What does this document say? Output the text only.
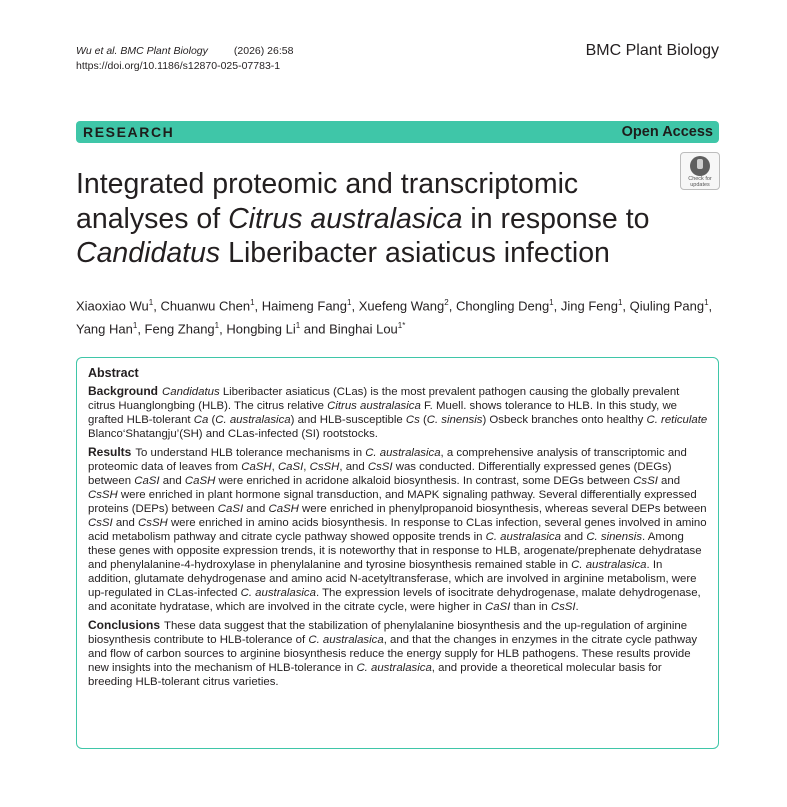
Wu et al. BMC Plant Biology (2026) 26:58
https://doi.org/10.1186/s12870-025-07783-1
BMC Plant Biology
RESEARCH	Open Access
Integrated proteomic and transcriptomic analyses of Citrus australasica in response to Candidatus Liberibacter asiaticus infection
Check for updates
Xiaoxiao Wu$^1$, Chuanwu Chen$^1$, Haimeng Fang$^1$, Xuefeng Wang$^2$, Chongling Deng$^1$, Jing Feng$^1$, Qiuling Pang$^1$, Yang Han$^1$, Feng Zhang$^1$, Hongbing Li$^1$ and Binghai Lou$^{1*}$
Abstract

Background Candidatus Liberibacter asiaticus (CLas) is the most prevalent pathogen causing the globally prevalent citrus Huanglongbing (HLB). The citrus relative Citrus australasica F. Muell. shows tolerance to HLB. In this study, we grafted HLB-tolerant Ca (C. australasica) and HLB-susceptible Cs (C. sinensis) Osbeck branches onto healthy C. reticulate Blanco‘Shatangju’(SH) and CLas-infected (SI) rootstocks.

Results To understand HLB tolerance mechanisms in C. australasica, a comprehensive analysis of transcriptomic and proteomic data of leaves from CaSH, CaSI, CsSH, and CsSI was conducted. Differentially expressed genes (DEGs) between CaSI and CaSH were enriched in acridone alkaloid biosynthesis. In contrast, some DEGs between CsSI and CsSH were enriched in plant hormone signal transduction, and MAPK signaling pathway. Several differentially expressed proteins (DEPs) between CaSI and CaSH were enriched in phenylpropanoid biosynthesis, whereas several DEPs between CsSI and CsSH were enriched in amino acids biosynthesis. In response to CLas infection, several genes involved in amino acid metabolism pathway and citrate cycle pathway showed opposite trends in C. australasica and C. sinensis. Among these genes with opposite expression trends, it is noteworthy that in response to HLB, arogenate/prephenate dehydratase and phenylalanine-4-hydroxylase in phenylalanine and tyrosine biosynthesis remained stable in C. australasica. In addition, glutamate dehydrogenase and amino acid N-acetyltransferase, which are involved in arginine metabolism, were up-regulated in CLas-infected C. australasica. The expression levels of isocitrate dehydrogenase, malate dehydrogenase, and aconitate hydratase, which are involved in the citrate cycle, were higher in CaSI than in CsSI.

Conclusions These data suggest that the stabilization of phenylalanine biosynthesis and the up-regulation of arginine biosynthesis contribute to HLB-tolerance of C. australasica, and that the changes in enzymes in the citrate cycle pathway and flow of carbon sources to arginine biosynthesis reduce the energy supply for HLB pathogens. These results provide new insights into the mechanism of HLB-tolerance in C. australasica, and provide a theoretical molecular basis for breeding HLB-tolerant citrus varieties.
